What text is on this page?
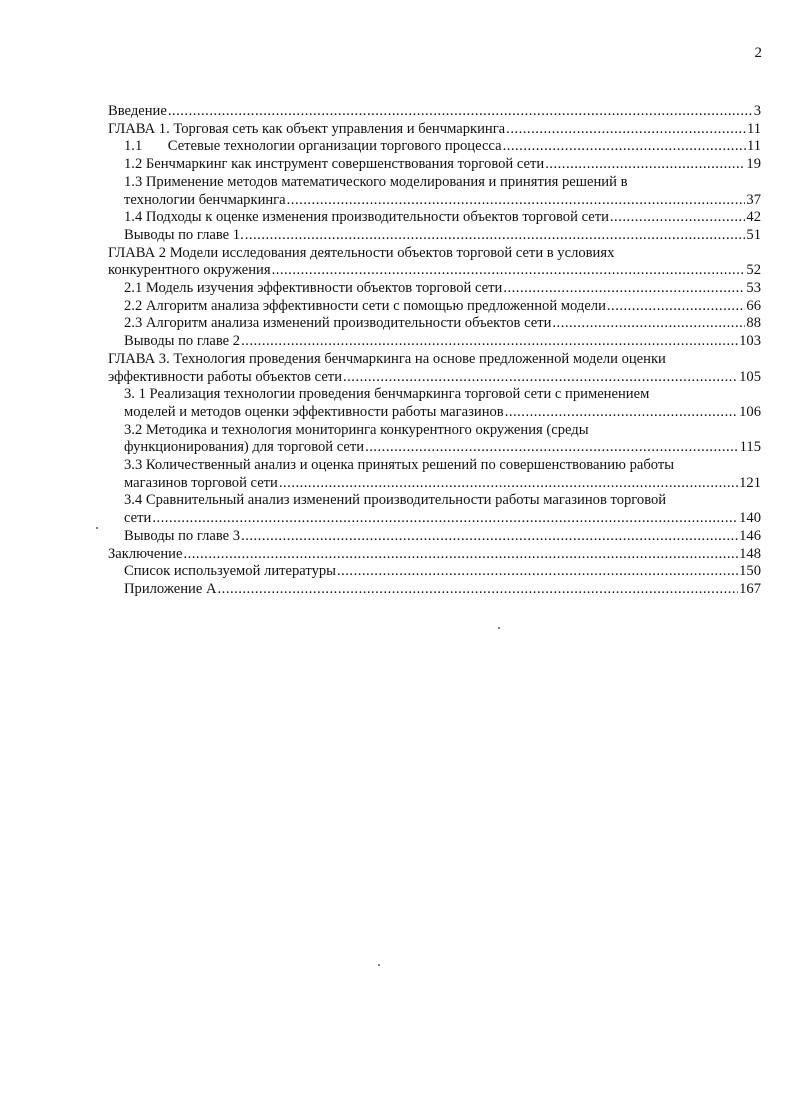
2
Введение .....	3
ГЛАВА 1. Торговая сеть как объект управления и бенчмаркинга .....	11
1.1 Сетевые технологии организации торгового процесса .....	11
1.2 Бенчмаркинг как инструмент совершенствования торговой сети .....	19
1.3 Применение методов математического моделирования и принятия решений в
технологии бенчмаркинга .....	37
1.4 Подходы к оценке изменения производительности объектов торговой сети .....	42
Выводы по главе 1. .....	51
ГЛАВА 2 Модели исследования деятельности объектов торговой сети в условиях
конкурентного окружения .....	52
2.1 Модель изучения эффективности объектов торговой сети .....	53
2.2 Алгоритм анализа эффективности сети с помощью предложенной модели .....	66
2.3 Алгоритм анализа изменений производительности объектов сети .....	88
Выводы по главе 2 .....	103
ГЛАВА 3. Технология проведения бенчмаркинга на основе предложенной модели оценки
эффективности работы объектов сети .....	105
3. 1 Реализация технологии проведения бенчмаркинга торговой сети с применением
моделей и методов оценки эффективности работы магазинов .....	106
3.2 Методика и технология мониторинга конкурентного окружения (среды
функционирования) для торговой сети .....	115
3.3 Количественный анализ и оценка принятых решений по совершенствованию работы
магазинов торговой сети .....	121
3.4 Сравнительный анализ изменений производительности работы магазинов торговой
сети .....	140
Выводы по главе 3 .....	146
Заключение .....	148
Список используемой литературы .....	150
Приложение А .....	167
